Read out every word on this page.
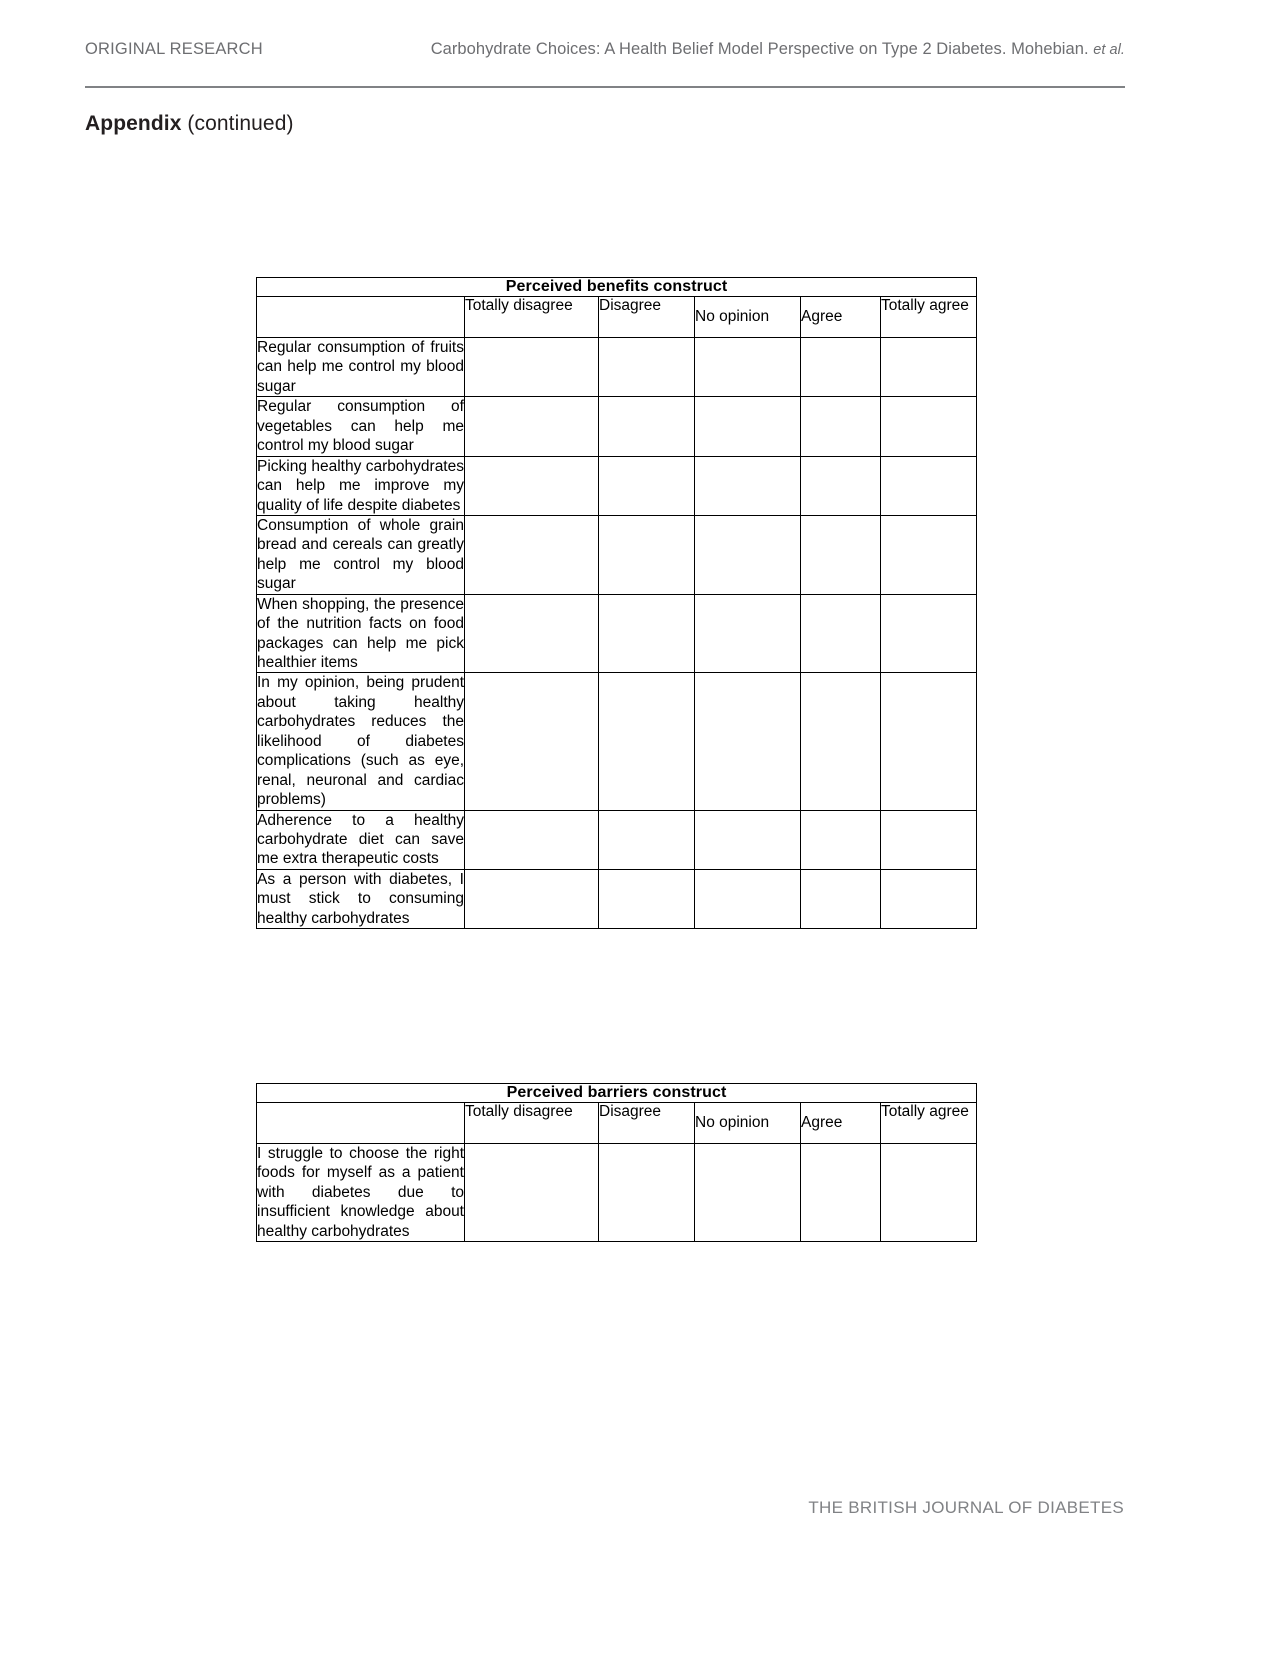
ORIGINAL RESEARCH	Carbohydrate Choices: A Health Belief Model Perspective on Type 2 Diabetes. Mohebian. et al.
Appendix (continued)
Perceived benefits construct					
	Totally disagree	Disagree	No opinion	Agree	Totally agree
Regular consumption of fruits can help me control my blood sugar					
Regular consumption of vegetables can help me control my blood sugar					
Picking healthy carbohydrates can help me improve my quality of life despite diabetes					
Consumption of whole grain bread and cereals can greatly help me control my blood sugar					
When shopping, the presence of the nutrition facts on food packages can help me pick healthier items					
In my opinion, being prudent about taking healthy carbohydrates reduces the likelihood of diabetes complications (such as eye, renal, neuronal and cardiac problems)					
Adherence to a healthy carbohydrate diet can save me extra therapeutic costs					
As a person with diabetes, I must stick to consuming healthy carbohydrates					
Perceived barriers construct					
	Totally disagree	Disagree	No opinion	Agree	Totally agree
I struggle to choose the right foods for myself as a patient with diabetes due to insufficient knowledge about healthy carbohydrates					
THE BRITISH JOURNAL OF DIABETES
